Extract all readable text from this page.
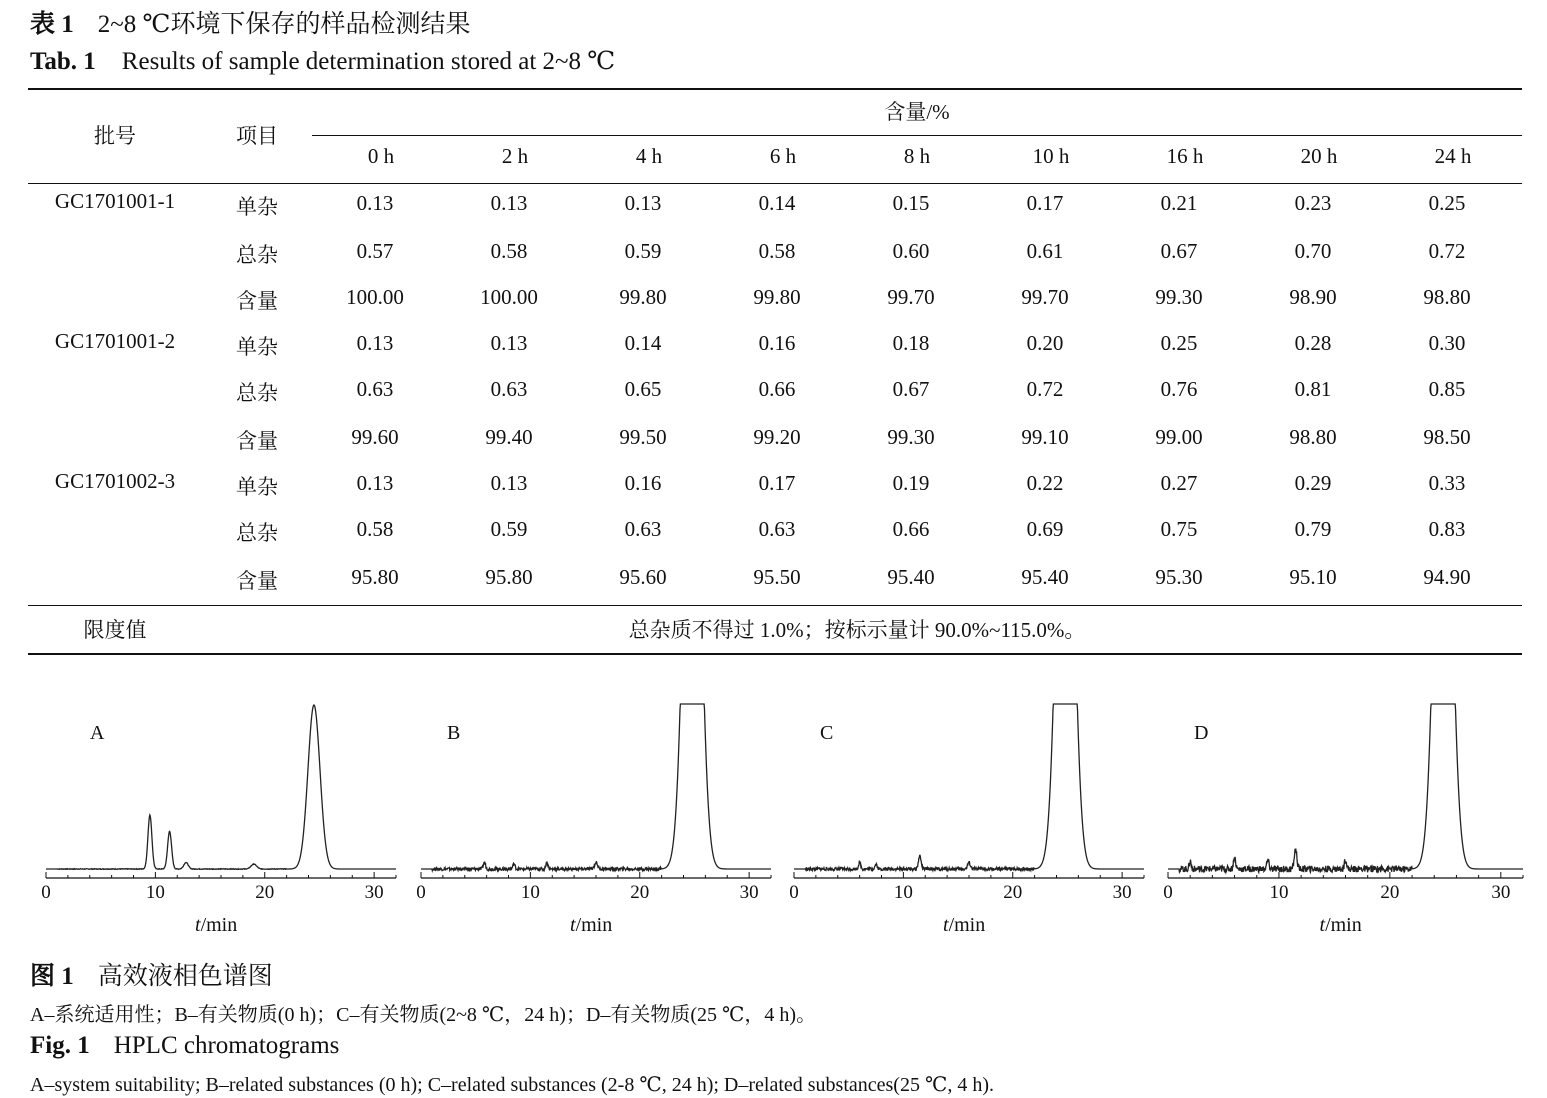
表 1 2~8 ℃环境下保存的样品检测结果
Tab. 1 Results of sample determination stored at 2~8 ℃
批号	项目
含量/%
0 h	2 h	4 h	6 h	8 h	10 h	16 h	20 h	24 h
GC1701001-1	单杂	0.13	0.13	0.13	0.14	0.15	0.17	0.21	0.23	0.25
总杂	0.57	0.58	0.59	0.58	0.60	0.61	0.67	0.70	0.72
含量	100.00	100.00	99.80	99.80	99.70	99.70	99.30	98.90	98.80
GC1701001-2	单杂	0.13	0.13	0.14	0.16	0.18	0.20	0.25	0.28	0.30
总杂	0.63	0.63	0.65	0.66	0.67	0.72	0.76	0.81	0.85
含量	99.60	99.40	99.50	99.20	99.30	99.10	99.00	98.80	98.50
GC1701002-3	单杂	0.13	0.13	0.16	0.17	0.19	0.22	0.27	0.29	0.33
总杂	0.58	0.59	0.63	0.63	0.66	0.69	0.75	0.79	0.83
含量	95.80	95.80	95.60	95.50	95.40	95.40	95.30	95.10	94.90
限度值	总杂质不得过 1.0%；按标示量计 90.0%~115.0%。
A
0	10	20	30
t/min
B
0	10	20	30
t/min
C
0	10	20	30
t/min
D
0	10	20	30
t/min
图 1 高效液相色谱图
A–系统适用性；B–有关物质(0 h)；C–有关物质(2~8 ℃，24 h)；D–有关物质(25 ℃，4 h)。
Fig. 1 HPLC chromatograms
A–system suitability; B–related substances (0 h); C–related substances (2-8 ℃, 24 h); D–related substances(25 ℃, 4 h).
